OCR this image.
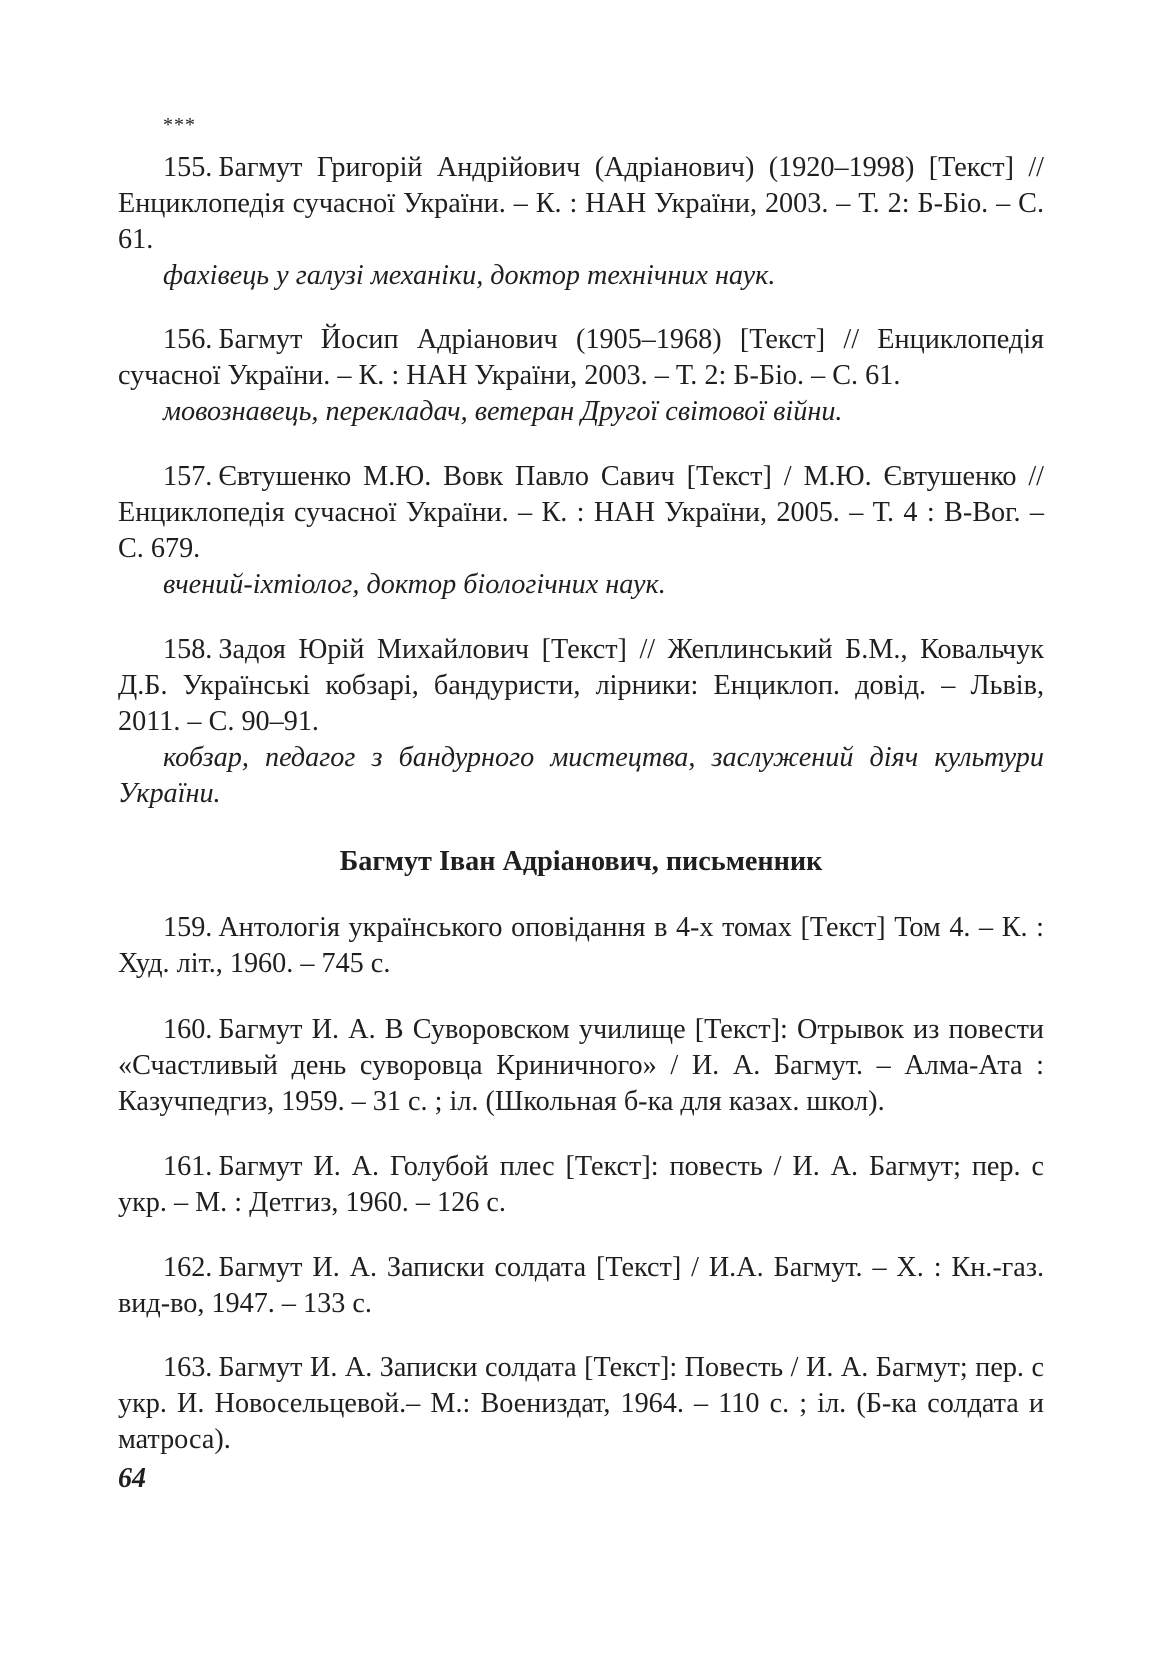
***

155. Багмут Григорій Андрійович (Адріанович) (1920–1998) [Текст] // Енциклопедія сучасної України. – К. : НАН України, 2003. – Т. 2: Б-Біо. – С. 61.

фахівець у галузі механіки, доктор технічних наук.

156. Багмут Йосип Адріанович (1905–1968) [Текст] // Енциклопедія сучасної України. – К. : НАН України, 2003. – Т. 2: Б-Біо. – С. 61.

мовознавець, перекладач, ветеран Другої світової війни.

157. Євтушенко М.Ю. Вовк Павло Савич [Текст] / М.Ю. Євтушенко // Енциклопедія сучасної України. – К. : НАН України, 2005. – Т. 4 : В-Вог. – С. 679.

вчений-іхтіолог, доктор біологічних наук.

158. Задоя Юрій Михайлович [Текст] // Жеплинський Б.М., Ковальчук Д.Б. Українські кобзарі, бандуристи, лірники: Енциклоп. довід. – Львів, 2011. – С. 90–91.

кобзар, педагог з бандурного мистецтва, заслужений діяч культури України.

Багмут Іван Адріанович, письменник

159. Антологія українського оповідання в 4-х томах [Текст] Том 4. – К. : Худ. літ., 1960. – 745 с.

160. Багмут И. А. В Суворовском училище [Текст]: Отрывок из повести «Счастливый день суворовца Криничного» / И. А. Багмут. – Алма-Ата : Казучпедгиз, 1959. – 31 с. ; іл. (Школьная б-ка для казах. школ).

161. Багмут И. А. Голубой плес [Текст]: повесть / И. А. Багмут; пер. с укр. – М. : Детгиз, 1960. – 126 с.

162. Багмут И. А. Записки солдата [Текст] / И.А. Багмут. – Х. : Кн.-газ. вид-во, 1947. – 133 с.

163. Багмут И. А. Записки солдата [Текст]: Повесть / И. А. Багмут; пер. с укр. И. Новосельцевой.– М.: Воениздат, 1964. – 110 с. ; іл. (Б-ка солдата и матроса).

64
